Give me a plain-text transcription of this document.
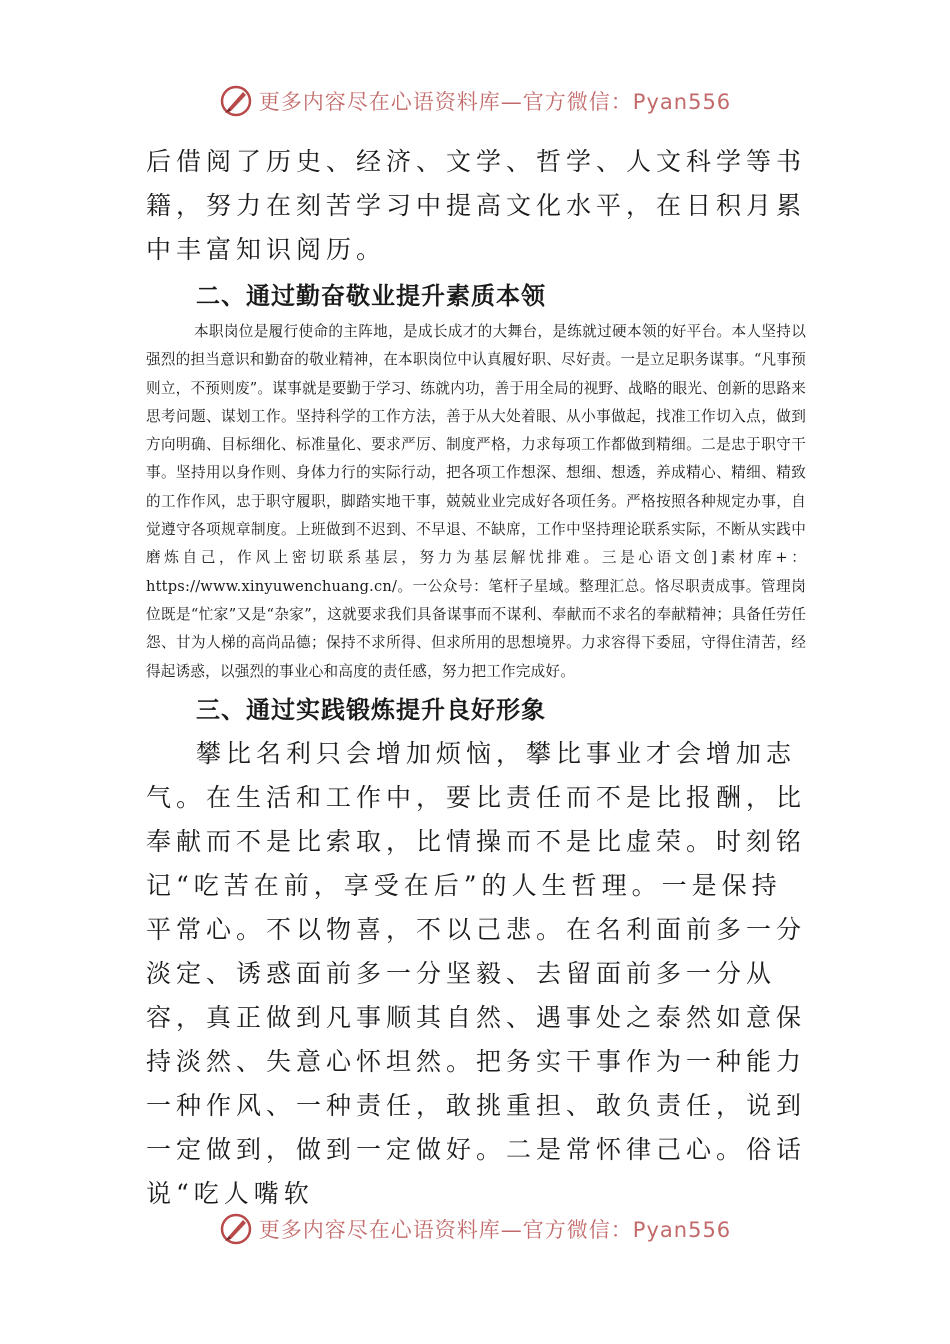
更多内容尽在心语资料库—官方微信：Pyan556

后借阅了历史、经济、文学、哲学、人文科学等书籍，努力在刻苦学习中提高文化水平，在日积月累中丰富知识阅历。

二、通过勤奋敬业提升素质本领

本职岗位是履行使命的主阵地，是成长成才的大舞台，是练就过硬本领的好平台。本人坚持以强烈的担当意识和勤奋的敬业精神，在本职岗位中认真履好职、尽好责。一是立足职务谋事。“凡事预则立，不预则废”。谋事就是要勤于学习、练就内功，善于用全局的视野、战略的眼光、创新的思路来思考问题、谋划工作。坚持科学的工作方法，善于从大处着眼、从小事做起，找准工作切入点，做到方向明确、目标细化、标准量化、要求严厉、制度严格，力求每项工作都做到精细。二是忠于职守干事。坚持用以身作则、身体力行的实际行动，把各项工作想深、想细、想透，养成精心、精细、精致的工作作风，忠于职守履职，脚踏实地干事，兢兢业业完成好各项任务。严格按照各种规定办事，自觉遵守各项规章制度。上班做到不迟到、不早退、不缺席，工作中坚持理论联系实际，不断从实践中磨炼自己，作风上密切联系基层，努力为基层解忧排难。三是心语文创]素材库+：https://www.xinyuwenchuang.cn/。一公众号：笔杆子星域。整理汇总。恪尽职责成事。管理岗位既是“忙家”又是“杂家”，这就要求我们具备谋事而不谋利、奉献而不求名的奉献精神；具备任劳任怨、甘为人梯的高尚品德；保持不求所得、但求所用的思想境界。力求容得下委屈，守得住清苦，经得起诱惑，以强烈的事业心和高度的责任感，努力把工作完成好。

三、通过实践锻炼提升良好形象

攀比名利只会增加烦恼，攀比事业才会增加志气。在生活和工作中，要比责任而不是比报酬，比奉献而不是比索取，比情操而不是比虚荣。时刻铭记“吃苦在前，享受在后”的人生哲理。一是保持平常心。不以物喜，不以己悲。在名利面前多一分淡定、诱惑面前多一分坚毅、去留面前多一分从容，真正做到凡事顺其自然、遇事处之泰然如意保持淡然、失意心怀坦然。把务实干事作为一种能力一种作风、一种责任，敢挑重担、敢负责任，说到一定做到，做到一定做好。二是常怀律己心。俗话说“吃人嘴软

更多内容尽在心语资料库—官方微信：Pyan556
